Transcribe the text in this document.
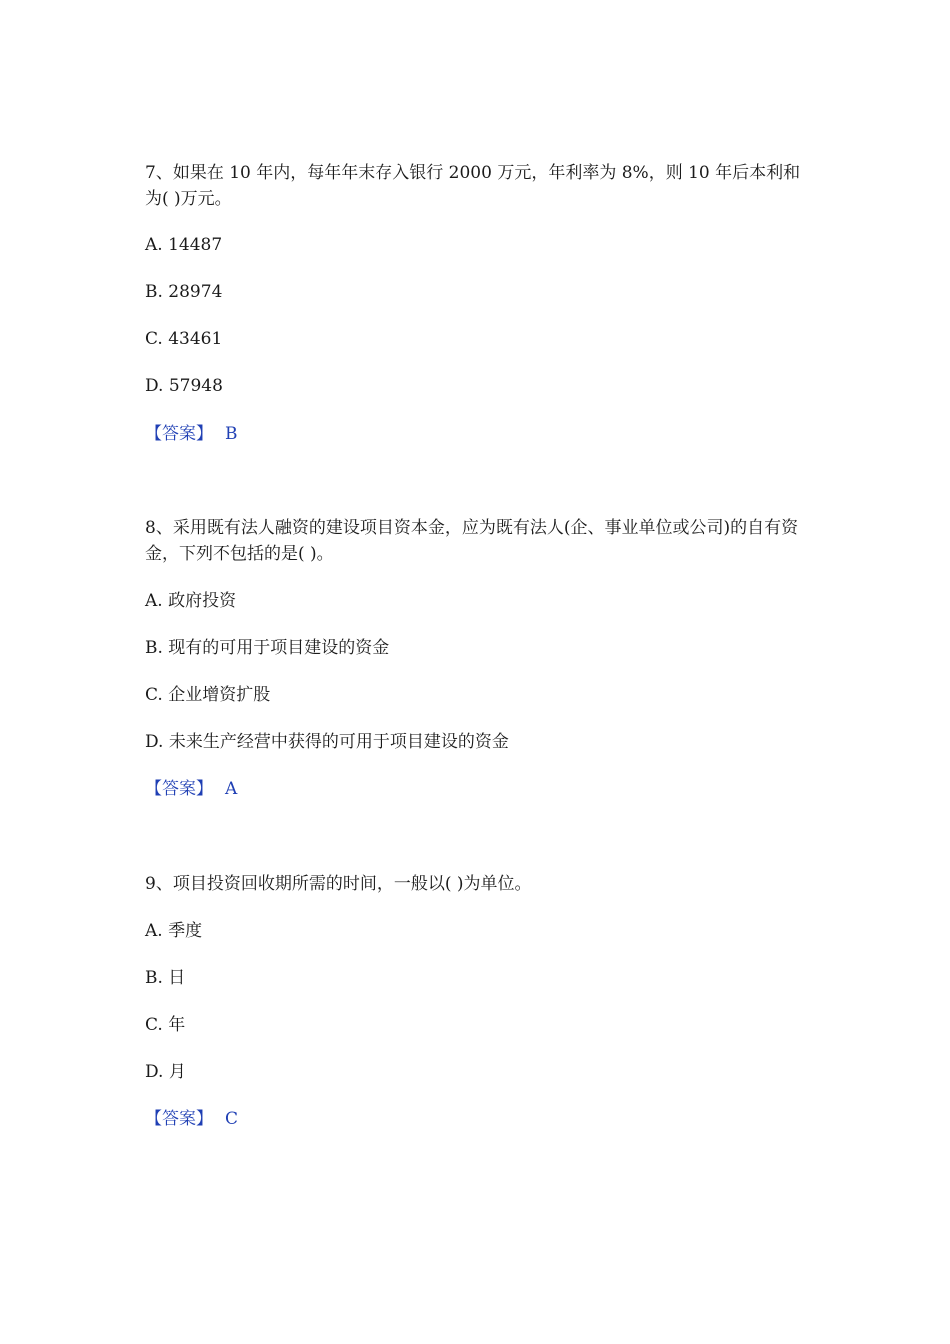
7、如果在 10 年内，每年年末存入银行 2000 万元，年利率为 8%，则 10 年后本利和为( )万元。
A. 14487
B. 28974
C. 43461
D. 57948
【答案】 B
8、采用既有法人融资的建设项目资本金，应为既有法人(企、事业单位或公司)的自有资金，下列不包括的是( )。
A. 政府投资
B. 现有的可用于项目建设的资金
C. 企业增资扩股
D. 未来生产经营中获得的可用于项目建设的资金
【答案】 A
9、项目投资回收期所需的时间，一般以( )为单位。
A. 季度
B. 日
C. 年
D. 月
【答案】 C
